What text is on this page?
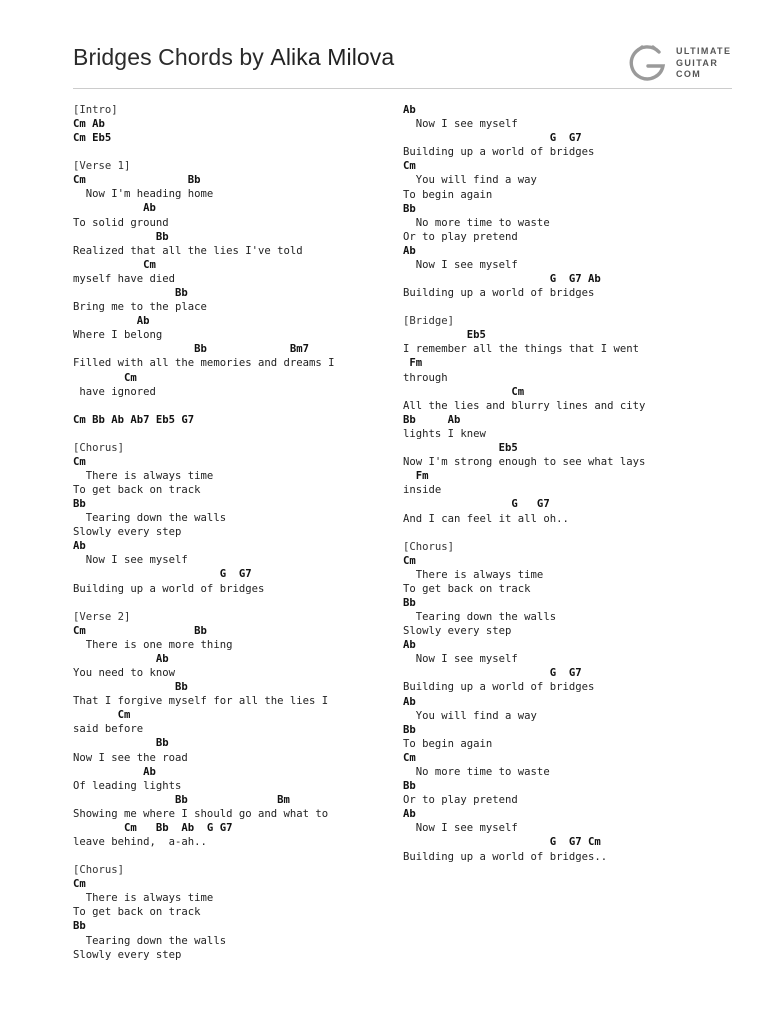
Bridges Chords by Alika Milova	ULTIMATE
GUITAR
COM
[Intro]
Cm Ab
Cm Eb5
[Verse 1]
Cm                Bb
Now I'm heading home
Ab
To solid ground
Bb
Realized that all the lies I've told
Cm
myself have died
Bb
Bring me to the place
Ab
Where I belong
Bb             Bm7
Filled with all the memories and dreams I
Cm
have ignored
Cm Bb Ab Ab7 Eb5 G7
[Chorus]
Cm
There is always time
To get back on track
Bb
Tearing down the walls
Slowly every step
Ab
Now I see myself
G  G7
Building up a world of bridges
[Verse 2]
Cm                 Bb
There is one more thing
Ab
You need to know
Bb
That I forgive myself for all the lies I
Cm
said before
Bb
Now I see the road
Ab
Of leading lights
Bb              Bm
Showing me where I should go and what to
Cm   Bb  Ab  G G7
leave behind,  a-ah..
[Chorus]
Cm
There is always time
To get back on track
Bb
Tearing down the walls
Slowly every step
Ab
Now I see myself
G  G7
Building up a world of bridges
Cm
You will find a way
To begin again
Bb
No more time to waste
Or to play pretend
Ab
Now I see myself
G  G7 Ab
Building up a world of bridges
[Bridge]
Eb5
I remember all the things that I went
Fm
through
Cm
All the lies and blurry lines and city
Bb     Ab
lights I knew
Eb5
Now I'm strong enough to see what lays
Fm
inside
G   G7
And I can feel it all oh..
[Chorus]
Cm
There is always time
To get back on track
Bb
Tearing down the walls
Slowly every step
Ab
Now I see myself
G  G7
Building up a world of bridges
Ab
You will find a way
Bb
To begin again
Cm
No more time to waste
Bb
Or to play pretend
Ab
Now I see myself
G  G7 Cm
Building up a world of bridges..
